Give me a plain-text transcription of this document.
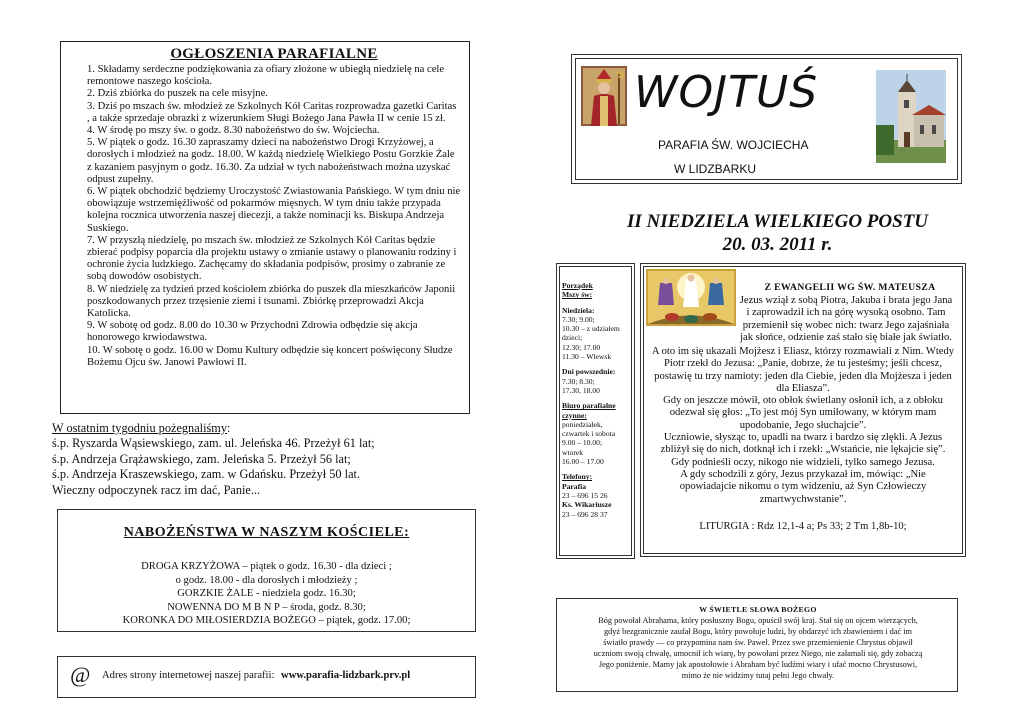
OGŁOSZENIA PARAFIALNE
1. Składamy serdeczne podziękowania za ofiary złożone w ubiegłą niedzielę na cele remontowe naszego kościoła.
2. Dziś zbiórka do puszek na cele misyjne.
3. Dziś po mszach św. młodzież ze Szkolnych Kół Caritas rozprowadza gazetki Caritas , a także sprzedaje obrazki z wizerunkiem Sługi Bożego Jana Pawła II w cenie 15 zł.
4. W środę po mszy św. o godz. 8.30 nabożeństwo do św. Wojciecha.
5. W piątek o godz. 16.30 zapraszamy dzieci na nabożeństwo Drogi Krzyżowej, a dorosłych i młodzież na godz. 18.00. W każdą niedzielę Wielkiego Postu Gorzkie Żale z kazaniem pasyjnym o godz. 16.30. Za udział w tych nabożeństwach można uzyskać odpust zupełny.
6. W piątek obchodzić będziemy Uroczystość Zwiastowania Pańskiego. W tym dniu nie obowiązuje wstrzemięźliwość od pokarmów mięsnych. W tym dniu także przypada kolejna rocznica utworzenia naszej diecezji, a także nominacji ks. Biskupa Andrzeja Suskiego.
7. W przyszłą niedzielę, po mszach św. młodzież ze Szkolnych Kół Caritas będzie zbierać podpisy poparcia dla projektu ustawy o zmianie ustawy o planowaniu rodziny i ochronie życia ludzkiego. Zachęcamy do składania podpisów, prosimy o zabranie ze sobą dowodów osobistych.
8. W niedzielę za tydzień przed kościołem zbiórka do puszek dla mieszkańców Japonii poszkodowanych przez trzęsienie ziemi i tsunami. Zbiórkę przeprowadzi Akcja Katolicka.
9. W sobotę od godz. 8.00 do 10.30 w Przychodni Zdrowia odbędzie się akcja honorowego krwiodawstwa.
10. W sobotę o godz. 16.00 w Domu Kultury odbędzie się koncert poświęcony Słudze Bożemu Ojcu św. Janowi Pawłowi II.
W ostatnim tygodniu pożegnaliśmy:
ś.p. Ryszarda Wąsiewskiego, zam. ul. Jeleńska 46. Przeżył 61 lat;
ś.p. Andrzeja Grążawskiego, zam. Jeleńska 5. Przeżył 56 lat;
ś.p. Andrzeja Kraszewskiego, zam. w Gdańsku. Przeżył 50 lat.
Wieczny odpoczynek racz im dać, Panie...
NABOŻEŃSTWA W NASZYM KOŚCIELE:
DROGA KRZYŻOWA – piątek o godz. 16.30 - dla dzieci ;
o godz. 18.00 - dla dorosłych i młodzieży ;
GORZKIE ŻALE - niedziela godz. 16.30;
NOWENNA DO M B N P – środa, godz. 8.30;
KORONKA DO MIŁOSIERDZIA BOŻEGO – piątek, godz. 17.00;
@ Adres strony internetowej naszej parafii: www.parafia-lidzbark.prv.pl
WOJTUŚ
PARAFIA ŚW. WOJCIECHA
W LIDZBARKU
II NIEDZIELA WIELKIEGO POSTU
20. 03. 2011 r.
Porządek
Mszy św:
Niedziela:
7.30; 9.00;
10.30 – z udziałem
dzieci;
12.30; 17.00
11.30 – Wlewsk
Dni powszednie:
7.30; 8.30;
17.30, 18.00
Biuro parafialne
czynne:
poniedziałek,
czwartek i sobota
9.00 – 10.00;
wtorek
16.00 – 17.00
Telefony:
Parafia
23 – 696 15 26
Ks. Wikariusze
23 – 696 28 37
Z EWANGELII WG ŚW. MATEUSZA
Jezus wziął z sobą Piotra, Jakuba i brata jego Jana
i zaprowadził ich na górę wysoką osobno. Tam
przemienił się wobec nich: twarz Jego zajaśniała
jak słońce, odzienie zaś stało się białe jak światło.
A oto im się ukazali Mojżesz i Eliasz, którzy rozmawiali z Nim. Wtedy
Piotr rzekł do Jezusa: „Panie, dobrze, że tu jesteśmy; jeśli chcesz,
postawię tu trzy namioty: jeden dla Ciebie, jeden dla Mojżesza i jeden
dla Eliasza”.
Gdy on jeszcze mówił, oto obłok świetlany osłonił ich, a z obłoku
odezwał się głos: „To jest mój Syn umiłowany, w którym mam
upodobanie, Jego słuchajcie”.
Uczniowie, słysząc to, upadli na twarz i bardzo się zlękli. A Jezus
zbliżył się do nich, dotknął ich i rzekł: „Wstańcie, nie lękajcie się”.
Gdy podnieśli oczy, nikogo nie widzieli, tylko samego Jezusa.
A gdy schodzili z góry, Jezus przykazał im, mówiąc: „Nie
opowiadajcie nikomu o tym widzeniu, aż Syn Człowieczy
zmartwychwstanie”.
LITURGIA : Rdz 12,1-4 a; Ps 33; 2 Tm 1,8b-10;
W ŚWIETLE SŁOWA BOŻEGO
Bóg powołał Abrahama, który posłuszny Bogu, opuścił swój kraj. Stał się on ojcem wierzących,
gdyż bezgranicznie zaufał Bogu, który powołuje ludzi, by obdarzyć ich zbawieniem i dać im
światło prawdy — co przypomina nam św. Paweł. Przez swe przemienienie Chrystus objawił
uczniom swoją chwałę, umocnił ich wiarę, by powołani przez Niego, nie załamali się, gdy zobaczą
Jego poniżenie. Mamy jak apostołowie i Abraham być ludźmi wiary i ufać mocno Chrystusowi,
mimo że nie widzimy tutaj pełni Jego chwały.
